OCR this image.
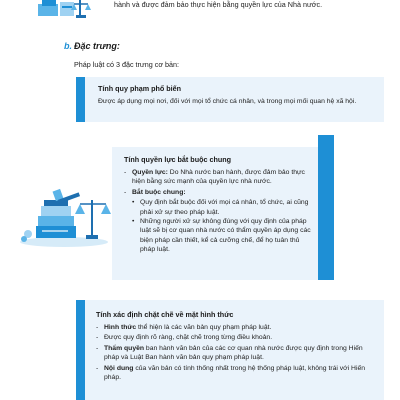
hành và được đảm bảo thực hiện bằng quyền lực của Nhà nước.
b. Đặc trưng:
Pháp luật có 3 đặc trưng cơ bản:
Tính quy phạm phổ biến
Được áp dụng mọi nơi, đối với mọi tổ chức cá nhân, và trong mọi mối quan hệ xã hội.
Tính quyền lực bắt buộc chung
- Quyền lực: Do Nhà nước ban hành, được đảm bảo thực hiện bằng sức mạnh của quyền lực nhà nước.
- Bắt buộc chung:
• Quy định bắt buộc đối với mọi cá nhân, tổ chức, ai cũng phải xử sự theo pháp luật.
• Những người xử sự không đúng với quy định của pháp luật sẽ bị cơ quan nhà nước có thẩm quyền áp dụng các biện pháp cần thiết, kể cả cưỡng chế, để họ tuân thủ pháp luật.
Tính xác định chặt chẽ về mặt hình thức
- Hình thức thể hiện là các văn bản quy phạm pháp luật.
- Được quy định rõ ràng, chặt chẽ trong từng điều khoản.
- Thẩm quyền ban hành văn bản của các cơ quan nhà nước được quy định trong Hiến pháp và Luật Ban hành văn bản quy phạm pháp luật.
- Nội dung của văn bản có tính thống nhất trong hệ thống pháp luật, không trái với Hiến pháp.
